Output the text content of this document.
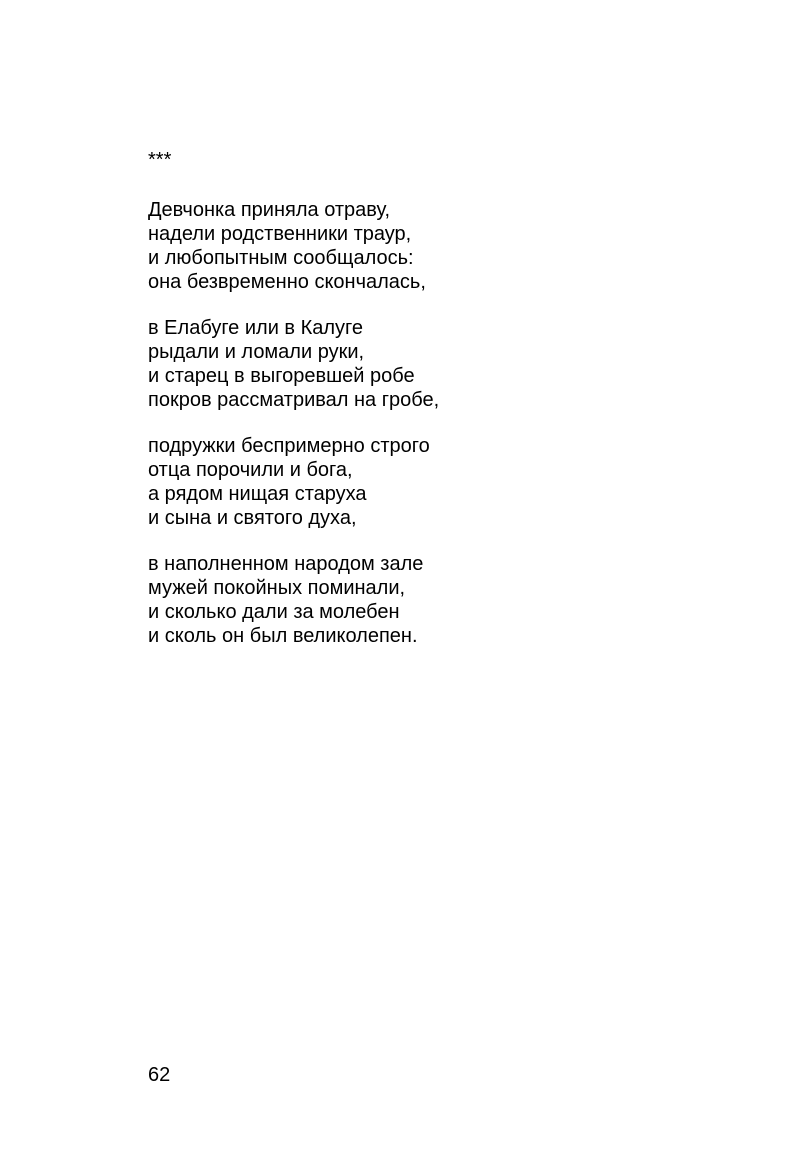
***
Девчонка приняла отраву,
надели родственники траур,
и любопытным сообщалось:
она безвременно скончалась,
в Елабуге или в Калуге
рыдали и ломали руки,
и старец в выгоревшей робе
покров рассматривал на гробе,
подружки беспримерно строго
отца порочили и бога,
а рядом нищая старуха
и сына и святого духа,
в наполненном народом зале
мужей покойных поминали,
и сколько дали за молебен
и сколь он был великолепен.
62
